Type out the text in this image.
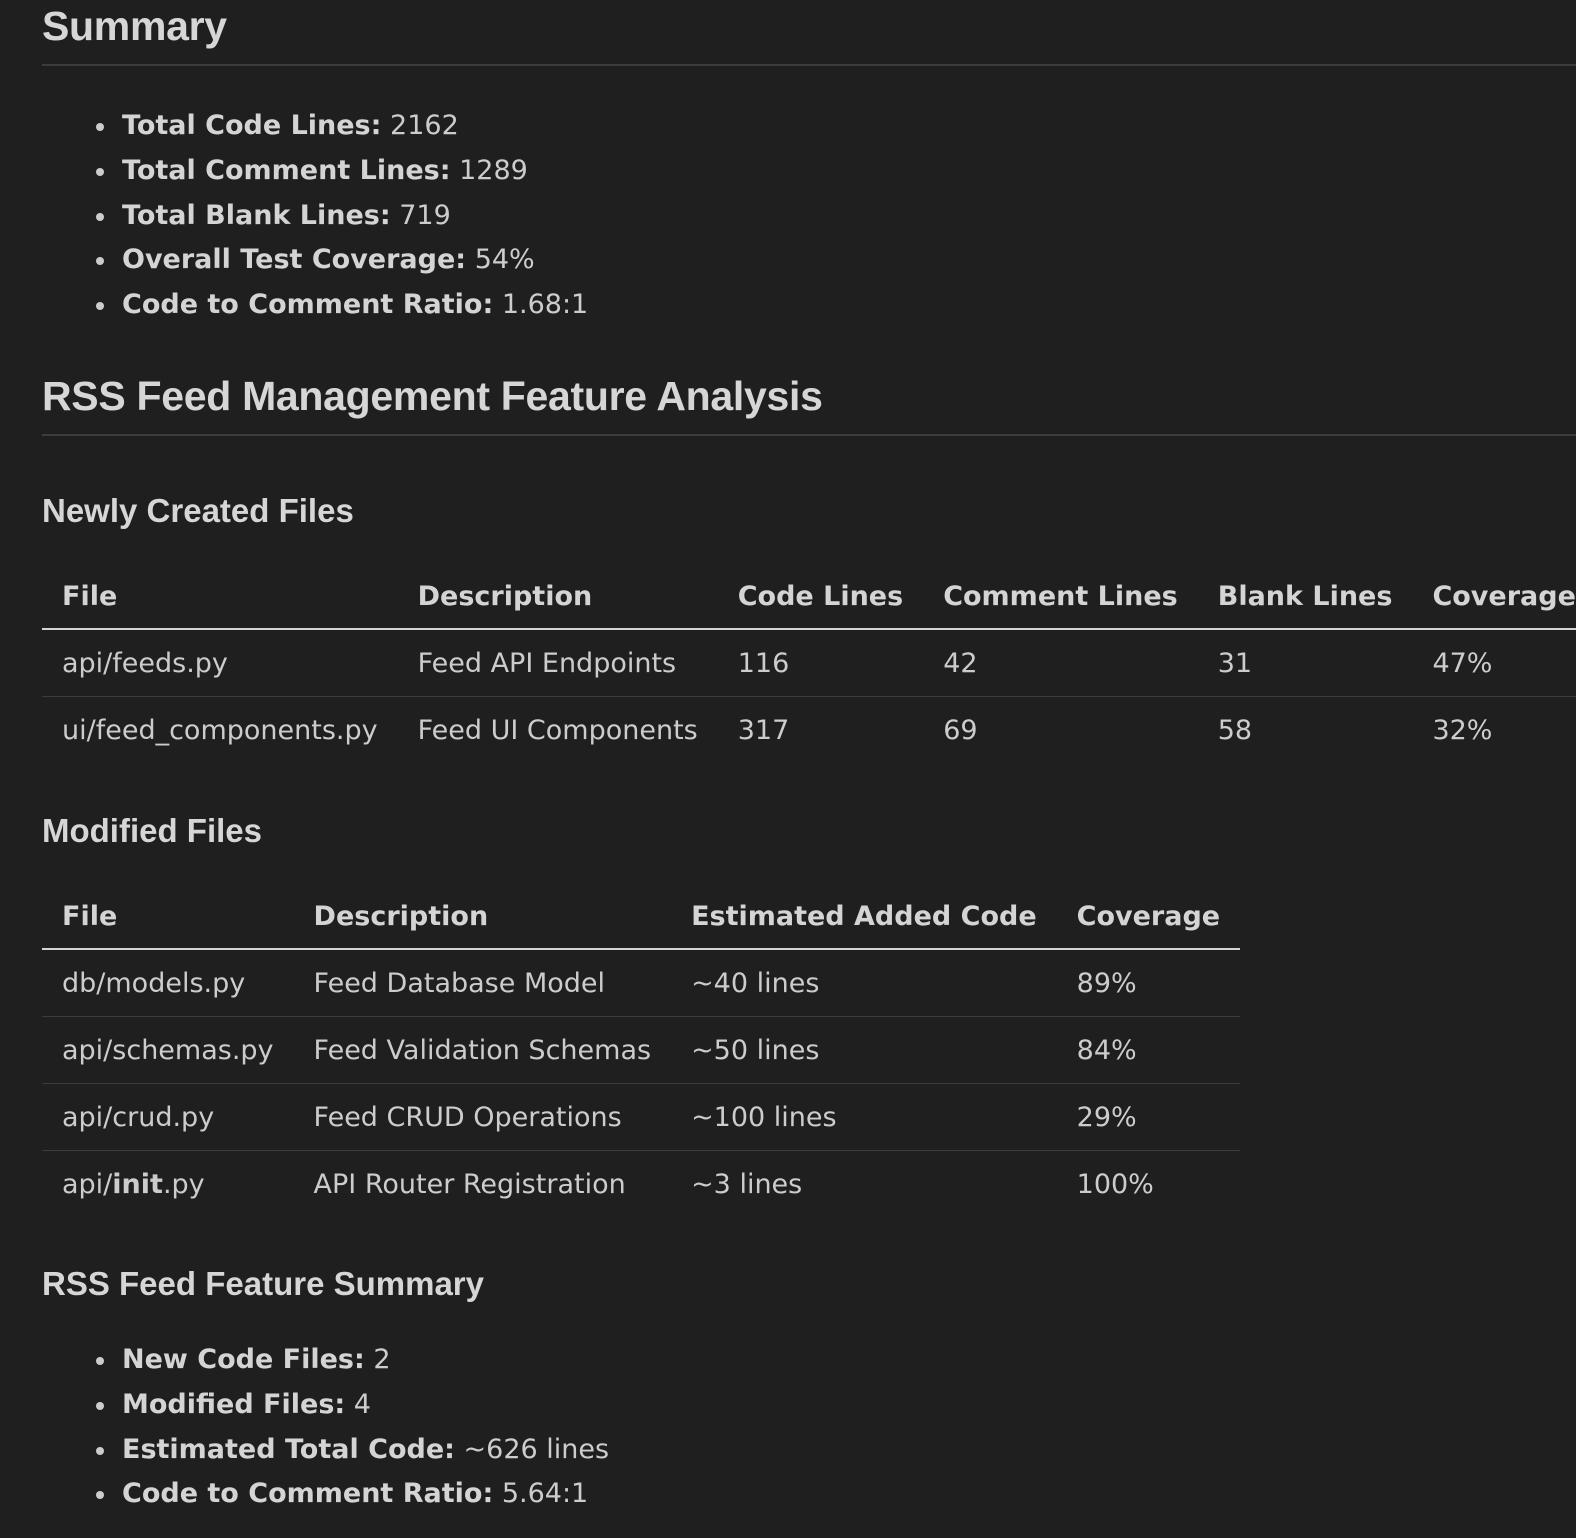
Summary
Total Code Lines: 2162
Total Comment Lines: 1289
Total Blank Lines: 719
Overall Test Coverage: 54%
Code to Comment Ratio: 1.68:1
RSS Feed Management Feature Analysis
Newly Created Files
File	Description	Code Lines	Comment Lines	Blank Lines	Coverage
api/feeds.py	Feed API Endpoints	116	42	31	47%
ui/feed_components.py	Feed UI Components	317	69	58	32%
Modified Files
File	Description	Estimated Added Code	Coverage
db/models.py	Feed Database Model	~40 lines	89%
api/schemas.py	Feed Validation Schemas	~50 lines	84%
api/crud.py	Feed CRUD Operations	~100 lines	29%
api/init.py	API Router Registration	~3 lines	100%
RSS Feed Feature Summary
New Code Files: 2
Modified Files: 4
Estimated Total Code: ~626 lines
Code to Comment Ratio: 5.64:1
